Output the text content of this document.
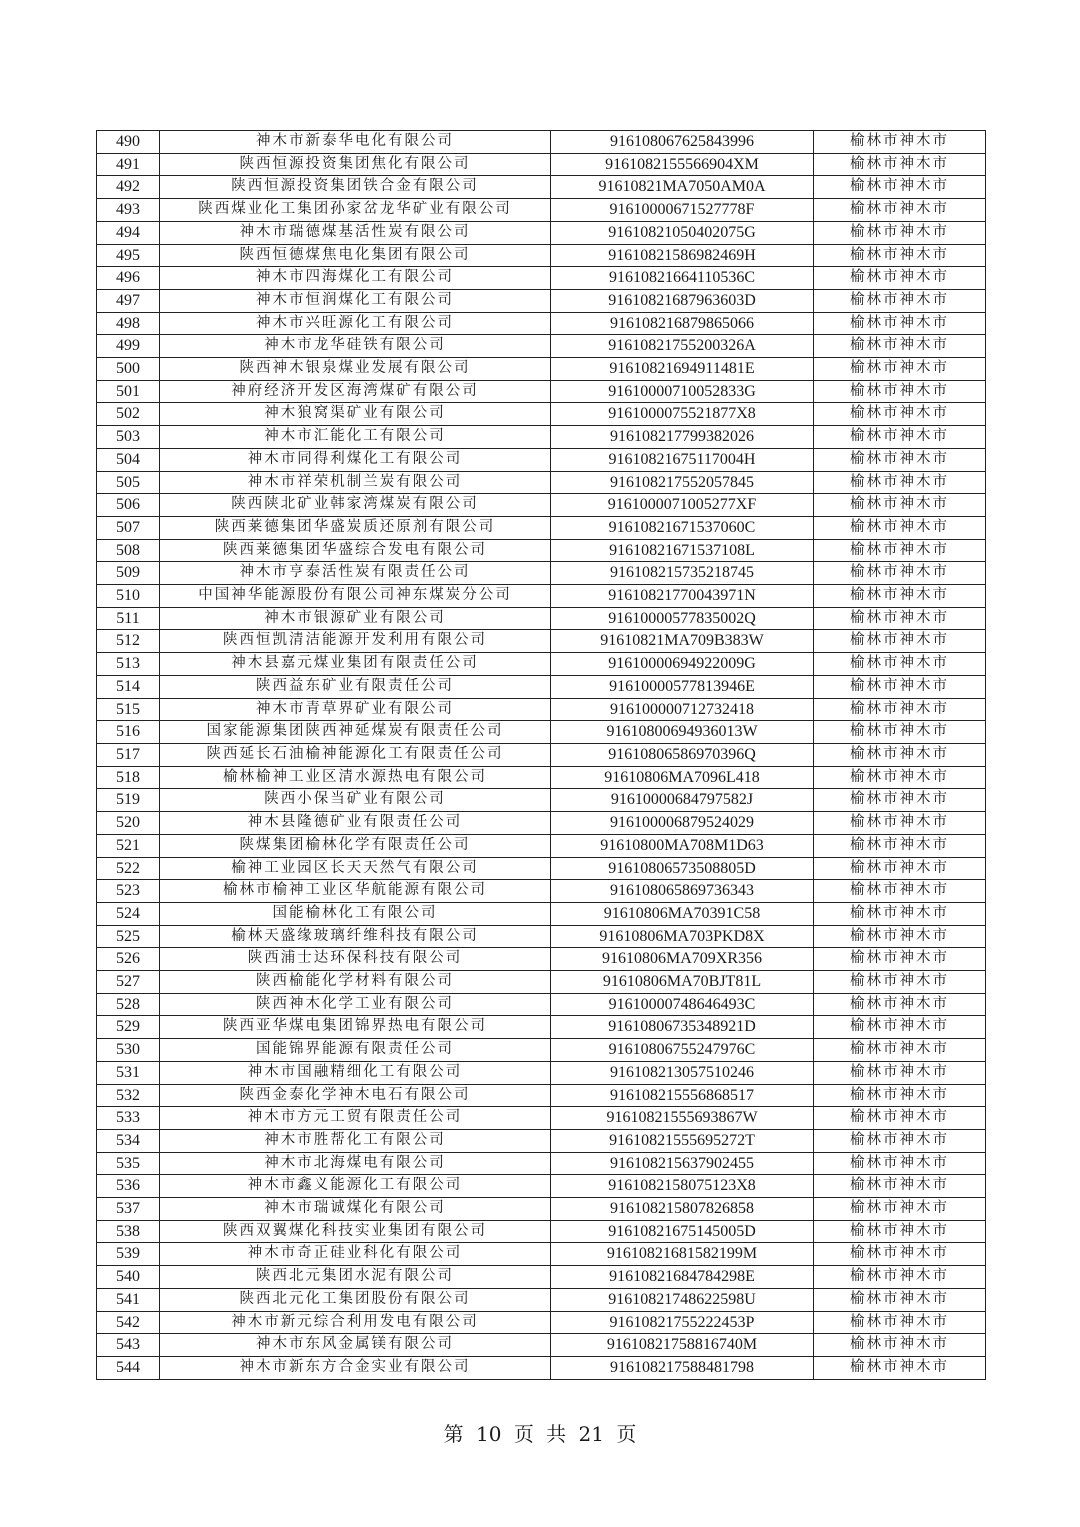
490	神木市新泰华电化有限公司	916108067625843996	榆林市神木市
491	陕西恒源投资集团焦化有限公司	9161082155566904XM	榆林市神木市
492	陕西恒源投资集团铁合金有限公司	91610821MA7050AM0A	榆林市神木市
493	陕西煤业化工集团孙家岔龙华矿业有限公司	91610000671527778F	榆林市神木市
494	神木市瑞德煤基活性炭有限公司	91610821050402075G	榆林市神木市
495	陕西恒德煤焦电化集团有限公司	91610821586982469H	榆林市神木市
496	神木市四海煤化工有限公司	91610821664110536C	榆林市神木市
497	神木市恒润煤化工有限公司	91610821687963603D	榆林市神木市
498	神木市兴旺源化工有限公司	916108216879865066	榆林市神木市
499	神木市龙华硅铁有限公司	91610821755200326A	榆林市神木市
500	陕西神木银泉煤业发展有限公司	91610821694911481E	榆林市神木市
501	神府经济开发区海湾煤矿有限公司	91610000710052833G	榆林市神木市
502	神木狼窝渠矿业有限公司	9161000075521877X8	榆林市神木市
503	神木市汇能化工有限公司	916108217799382026	榆林市神木市
504	神木市同得利煤化工有限公司	91610821675117004H	榆林市神木市
505	神木市祥荣机制兰炭有限公司	916108217552057845	榆林市神木市
506	陕西陕北矿业韩家湾煤炭有限公司	9161000071005277XF	榆林市神木市
507	陕西莱德集团华盛炭质还原剂有限公司	91610821671537060C	榆林市神木市
508	陕西莱德集团华盛综合发电有限公司	91610821671537108L	榆林市神木市
509	神木市亨泰活性炭有限责任公司	916108215735218745	榆林市神木市
510	中国神华能源股份有限公司神东煤炭分公司	91610821770043971N	榆林市神木市
511	神木市银源矿业有限公司	91610000577835002Q	榆林市神木市
512	陕西恒凯清洁能源开发利用有限公司	91610821MA709B383W	榆林市神木市
513	神木县嘉元煤业集团有限责任公司	91610000694922009G	榆林市神木市
514	陕西益东矿业有限责任公司	91610000577813946E	榆林市神木市
515	神木市青草界矿业有限公司	916100000712732418	榆林市神木市
516	国家能源集团陕西神延煤炭有限责任公司	91610800694936013W	榆林市神木市
517	陕西延长石油榆神能源化工有限责任公司	91610806586970396Q	榆林市神木市
518	榆林榆神工业区清水源热电有限公司	91610806MA7096L418	榆林市神木市
519	陕西小保当矿业有限公司	91610000684797582J	榆林市神木市
520	神木县隆德矿业有限责任公司	916100006879524029	榆林市神木市
521	陕煤集团榆林化学有限责任公司	91610800MA708M1D63	榆林市神木市
522	榆神工业园区长天天然气有限公司	91610806573508805D	榆林市神木市
523	榆林市榆神工业区华航能源有限公司	916108065869736343	榆林市神木市
524	国能榆林化工有限公司	91610806MA70391C58	榆林市神木市
525	榆林天盛缘玻璃纤维科技有限公司	91610806MA703PKD8X	榆林市神木市
526	陕西浦士达环保科技有限公司	91610806MA709XR356	榆林市神木市
527	陕西榆能化学材料有限公司	91610806MA70BJT81L	榆林市神木市
528	陕西神木化学工业有限公司	91610000748646493C	榆林市神木市
529	陕西亚华煤电集团锦界热电有限公司	91610806735348921D	榆林市神木市
530	国能锦界能源有限责任公司	91610806755247976C	榆林市神木市
531	神木市国融精细化工有限公司	916108213057510246	榆林市神木市
532	陕西金泰化学神木电石有限公司	916108215556868517	榆林市神木市
533	神木市方元工贸有限责任公司	91610821555693867W	榆林市神木市
534	神木市胜帮化工有限公司	91610821555695272T	榆林市神木市
535	神木市北海煤电有限公司	916108215637902455	榆林市神木市
536	神木市鑫义能源化工有限公司	9161082158075123X8	榆林市神木市
537	神木市瑞诚煤化有限公司	916108215807826858	榆林市神木市
538	陕西双翼煤化科技实业集团有限公司	91610821675145005D	榆林市神木市
539	神木市奇正硅业科化有限公司	91610821681582199M	榆林市神木市
540	陕西北元集团水泥有限公司	91610821684784298E	榆林市神木市
541	陕西北元化工集团股份有限公司	91610821748622598U	榆林市神木市
542	神木市新元综合利用发电有限公司	91610821755222453P	榆林市神木市
543	神木市东风金属镁有限公司	91610821758816740M	榆林市神木市
544	神木市新东方合金实业有限公司	916108217588481798	榆林市神木市
第 10 页 共 21 页
